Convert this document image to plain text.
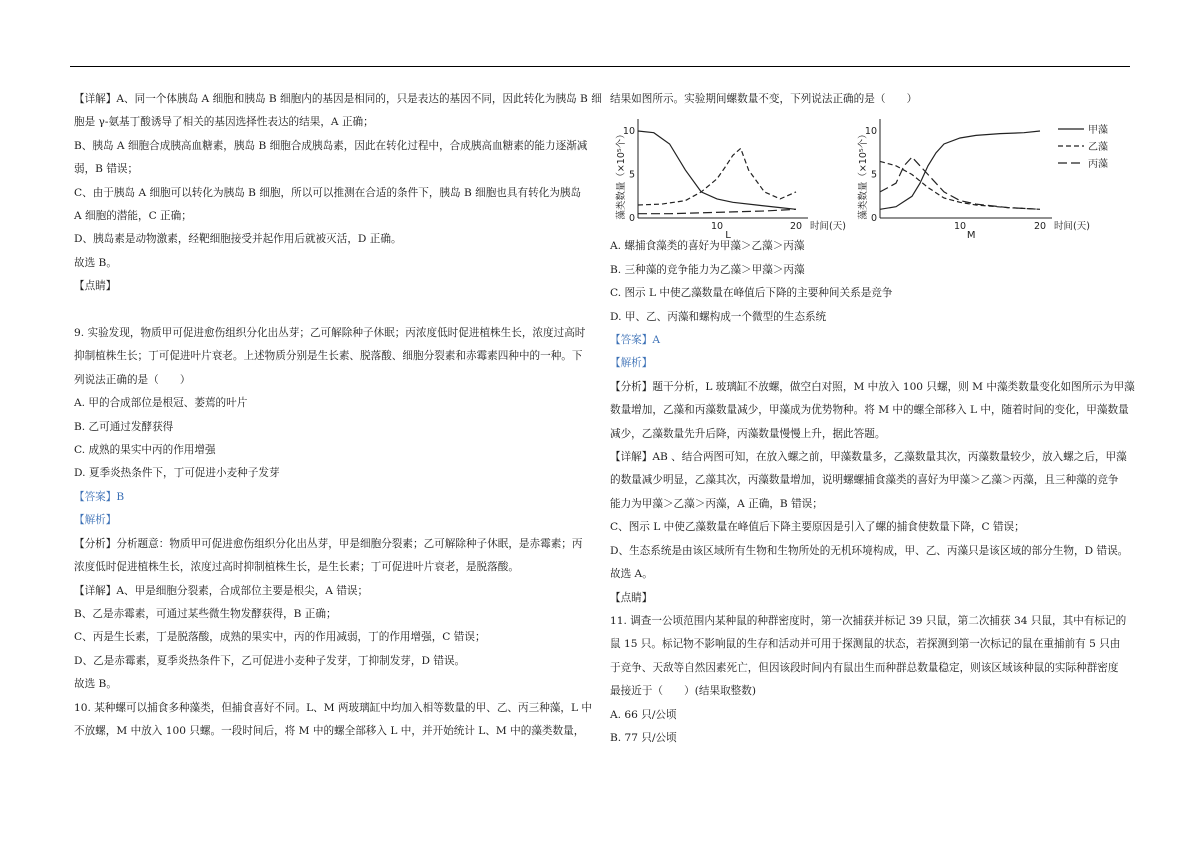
【详解】A、同一个体胰岛 A 细胞和胰岛 B 细胞内的基因是相同的，只是表达的基因不同，因此转化为胰岛 B 细
胞是 γ-氨基丁酸诱导了相关的基因选择性表达的结果，A 正确；
B、胰岛 A 细胞合成胰高血糖素，胰岛 B 细胞合成胰岛素，因此在转化过程中，合成胰高血糖素的能力逐渐减
弱，B 错误；
C、由于胰岛 A 细胞可以转化为胰岛 B 细胞，所以可以推测在合适的条件下，胰岛 B 细胞也具有转化为胰岛
A 细胞的潜能，C 正确；
D、胰岛素是动物激素，经靶细胞接受并起作用后就被灭活，D 正确。
故选 B。
【点睛】
9. 实验发现，物质甲可促进愈伤组织分化出丛芽；乙可解除种子休眠；丙浓度低时促进植株生长，浓度过高时
抑制植株生长；丁可促进叶片衰老。上述物质分别是生长素、脱落酸、细胞分裂素和赤霉素四种中的一种。下
列说法正确的是（　　）
A. 甲的合成部位是根冠、萎蔫的叶片
B. 乙可通过发酵获得
C. 成熟的果实中丙的作用增强
D. 夏季炎热条件下，丁可促进小麦种子发芽
【答案】B
【解析】
【分析】分析题意：物质甲可促进愈伤组织分化出丛芽，甲是细胞分裂素；乙可解除种子休眠，是赤霉素；丙
浓度低时促进植株生长，浓度过高时抑制植株生长，是生长素；丁可促进叶片衰老，是脱落酸。
【详解】A、甲是细胞分裂素，合成部位主要是根尖，A 错误；
B、乙是赤霉素，可通过某些微生物发酵获得，B 正确；
C、丙是生长素，丁是脱落酸，成熟的果实中，丙的作用减弱，丁的作用增强，C 错误；
D、乙是赤霉素，夏季炎热条件下，乙可促进小麦种子发芽，丁抑制发芽，D 错误。
故选 B。
10. 某种螺可以捕食多种藻类，但捕食喜好不同。L、M 两玻璃缸中均加入相等数量的甲、乙、丙三种藻，L 中
不放螺，M 中放入 100 只螺。一段时间后，将 M 中的螺全部移入 L 中，并开始统计 L、M 中的藻类数量，
结果如图所示。实验期间螺数量不变，下列说法正确的是（　　）
藻类数量（×10⁵个） 0
5
10
10	20 时间(天)
L
藻类数量（×10⁵个） 0
5
10
10	20 时间(天)
M
甲藻
乙藻
丙藻
A. 螺捕食藻类的喜好为甲藻＞乙藻＞丙藻
B. 三种藻的竞争能力为乙藻＞甲藻＞丙藻
C. 图示 L 中使乙藻数量在峰值后下降的主要种间关系是竞争
D. 甲、乙、丙藻和螺构成一个微型的生态系统
【答案】A
【解析】
【分析】题干分析，L 玻璃缸不放螺，做空白对照，M 中放入 100 只螺，则 M 中藻类数量变化如图所示为甲藻
数量增加，乙藻和丙藻数量减少，甲藻成为优势物种。将 M 中的螺全部移入 L 中，随着时间的变化，甲藻数量
减少，乙藻数量先升后降，丙藻数量慢慢上升，据此答题。
【详解】AB 、结合两图可知，在放入螺之前，甲藻数量多，乙藻数量其次，丙藻数量较少，放入螺之后，甲藻
的数量减少明显，乙藻其次，丙藻数量增加，说明螺螺捕食藻类的喜好为甲藻＞乙藻＞丙藻，且三种藻的竞争
能力为甲藻＞乙藻＞丙藻，A 正确，B 错误；
C、图示 L 中使乙藻数量在峰值后下降主要原因是引入了螺的捕食使数量下降，C 错误；
D、生态系统是由该区域所有生物和生物所处的无机环境构成，甲、乙、丙藻只是该区域的部分生物，D 错误。
故选 A。
【点睛】
11. 调查一公顷范围内某种鼠的种群密度时，第一次捕获并标记 39 只鼠，第二次捕获 34 只鼠，其中有标记的
鼠 15 只。标记物不影响鼠的生存和活动并可用于探测鼠的状态，若探测到第一次标记的鼠在重捕前有 5 只由
于竞争、天敌等自然因素死亡，但因该段时间内有鼠出生而种群总数量稳定，则该区域该种鼠的实际种群密度
最接近于（　　）(结果取整数)
A. 66 只/公顷
B. 77 只/公顷
